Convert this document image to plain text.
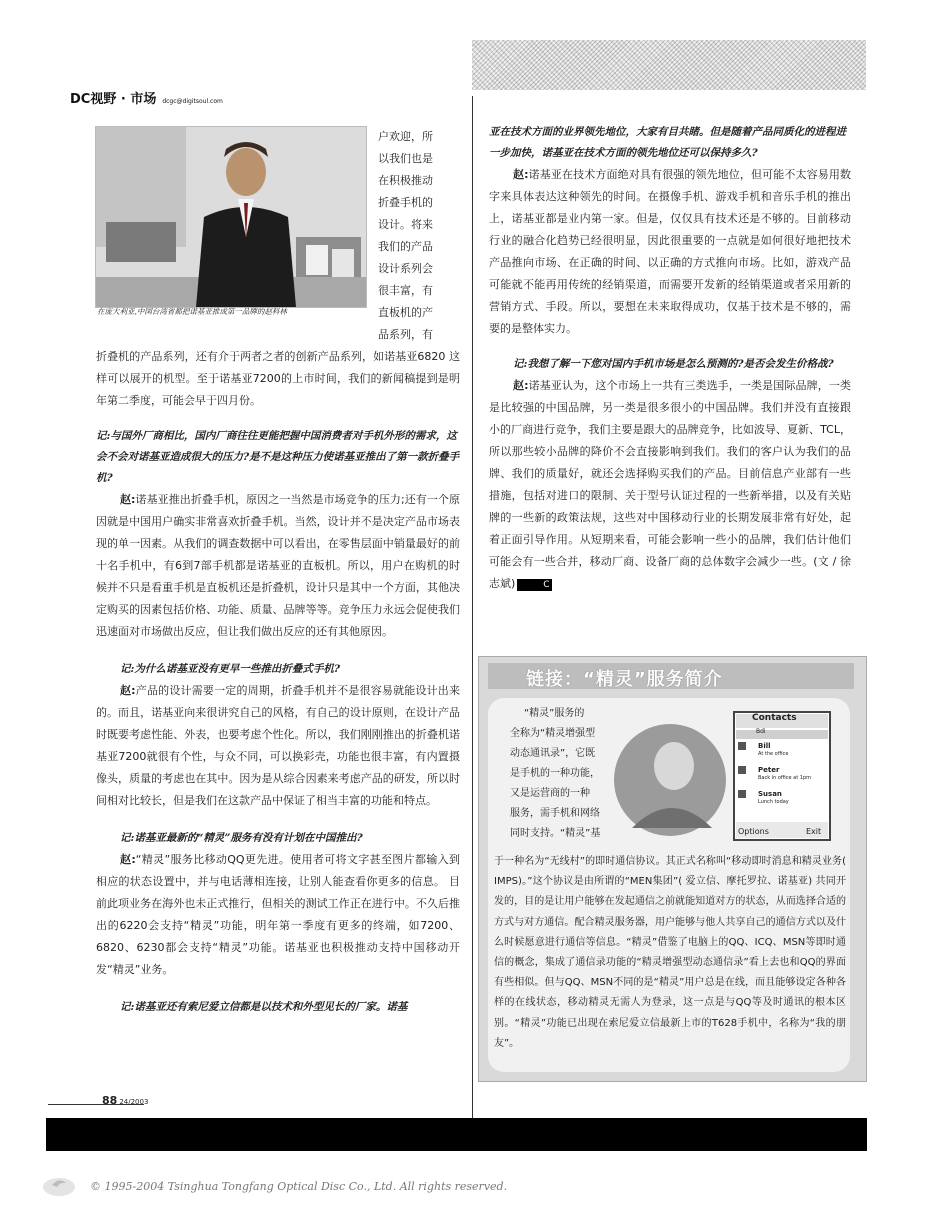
DC视野 · 市场 dcgc@digitsoul.com
在庞大利亚,中国台湾省都把诺基亚推成第一品牌的赵科林
户欢迎，所
以我们也是
在积极推动
折叠手机的
设计。将来
我们的产品
设计系列会
很丰富，有
直板机的产
品系列，有

折叠机的产品系列，还有介于两者之者的创新产品系列，如诺基亚6820 这样可以展开的机型。至于诺基亚7200的上市时间，我们的新闻稿提到是明年第二季度，可能会早于四月份。

记:与国外厂商相比，国内厂商往往更能把握中国消费者对手机外形的需求，这会不会对诺基亚造成很大的压力?是不是这种压力使诺基亚推出了第一款折叠手机?

赵:诺基亚推出折叠手机，原因之一当然是市场竞争的压力;还有一个原因就是中国用户确实非常喜欢折叠手机。当然，设计并不是决定产品市场表现的单一因素。从我们的调查数据中可以看出，在零售层面中销量最好的前十名手机中，有6到7部手机都是诺基亚的直板机。所以，用户在购机的时候并不只是看重手机是直板机还是折叠机，设计只是其中一个方面，其他决定购买的因素包括价格、功能、质量、品牌等等。竞争压力永远会促使我们迅速面对市场做出反应，但让我们做出反应的还有其他原因。

记:为什么诺基亚没有更早一些推出折叠式手机?

赵:产品的设计需要一定的周期，折叠手机并不是很容易就能设计出来的。而且，诺基亚向来很讲究自己的风格，有自己的设计原则，在设计产品时既要考虑性能、外表，也要考虑个性化。所以，我们刚刚推出的折叠机诺基亚7200就很有个性，与众不同，可以换彩壳，功能也很丰富，有内置摄像头，质量的考虑也在其中。因为是从综合因素来考虑产品的研发，所以时间相对比较长，但是我们在这款产品中保证了相当丰富的功能和特点。

记:诺基亚最新的“精灵”服务有没有计划在中国推出?

赵:“精灵”服务比移动QQ更先进。使用者可将文字甚至图片都输入到相应的状态设置中，并与电话薄相连接，让别人能查看你更多的信息。 目前此项业务在海外也未正式推行，但相关的测试工作正在进行中。不久后推出的6220会支持“精灵”功能，明年第一季度有更多的终端，如7200、6820、6230都会支持“精灵”功能。诺基亚也积极推动支持中国移动开发“精灵”业务。

记:诺基亚还有索尼爱立信都是以技术和外型见长的厂家。诺基

亚在技术方面的业界领先地位，大家有目共睹。但是随着产品同质化的进程进一步加快，诺基亚在技术方面的领先地位还可以保持多久?

赵:诺基亚在技术方面绝对具有很强的领先地位，但可能不太容易用数字来具体表达这种领先的时间。在摄像手机、游戏手机和音乐手机的推出上，诺基亚都是业内第一家。但是，仅仅具有技术还是不够的。目前移动行业的融合化趋势已经很明显，因此很重要的一点就是如何很好地把技术产品推向市场、在正确的时间、以正确的方式推向市场。比如，游戏产品可能就不能再用传统的经销渠道，而需要开发新的经销渠道或者采用新的营销方式、手段。所以，要想在未来取得成功，仅基于技术是不够的，需要的是整体实力。

记:我想了解一下您对国内手机市场是怎么预测的?是否会发生价格战?

赵:诺基亚认为，这个市场上一共有三类选手，一类是国际品牌，一类是比较强的中国品牌，另一类是很多很小的中国品牌。我们并没有直接跟小的厂商进行竞争，我们主要是跟大的品牌竞争，比如波导、夏新、TCL，所以那些较小品牌的降价不会直接影响到我们。我们的客户认为我们的品牌、我们的质量好，就还会选择购买我们的产品。目前信息产业部有一些措施，包括对进口的限制、关于型号认证过程的一些新举措，以及有关贴牌的一些新的政策法规，这些对中国移动行业的长期发展非常有好处，起着正面引导作用。从短期来看，可能会影响一些小的品牌，我们估计他们可能会有一些合并，移动厂商、设备厂商的总体数字会减少一些。(文 / 徐志斌)	C

链接：“精灵”服务简介
“精灵”服务的
全称为“精灵增强型
动态通讯录”，它既
是手机的一种功能，
又是运营商的一种
服务，需手机和网络
同时支持。“精灵”基
Contacts
Bdi
Bill
At the office
Peter
Back in office at 1pm
Susan
Lunch today
Options	Exit
于一种名为“无线村”的即时通信协议。其正式名称叫“移动即时消息和精灵业务( IMPS)。”这个协议是由所谓的“MEN集团”( 爱立信、摩托罗拉、诺基亚) 共同开发的，目的是让用户能够在发起通信之前就能知道对方的状态，从而选择合适的方式与对方通信。配合精灵服务器，用户能够与他人共享自己的通信方式以及什么时候愿意进行通信等信息。“精灵”借鉴了电脑上的QQ、ICQ、MSN等即时通信的概念，集成了通信录功能的“精灵增强型动态通信录”看上去也和QQ的界面有些相似。但与QQ、MSN不同的是“精灵”用户总是在线，而且能够设定各种各样的在线状态，移动精灵无需人为登录，这一点是与QQ等及时通讯的根本区别。“精灵”功能已出现在索尼爱立信最新上市的T628手机中，名称为“我的朋友”。
88 24/2003
© 1995-2004 Tsinghua Tongfang Optical Disc Co., Ltd. All rights reserved.
